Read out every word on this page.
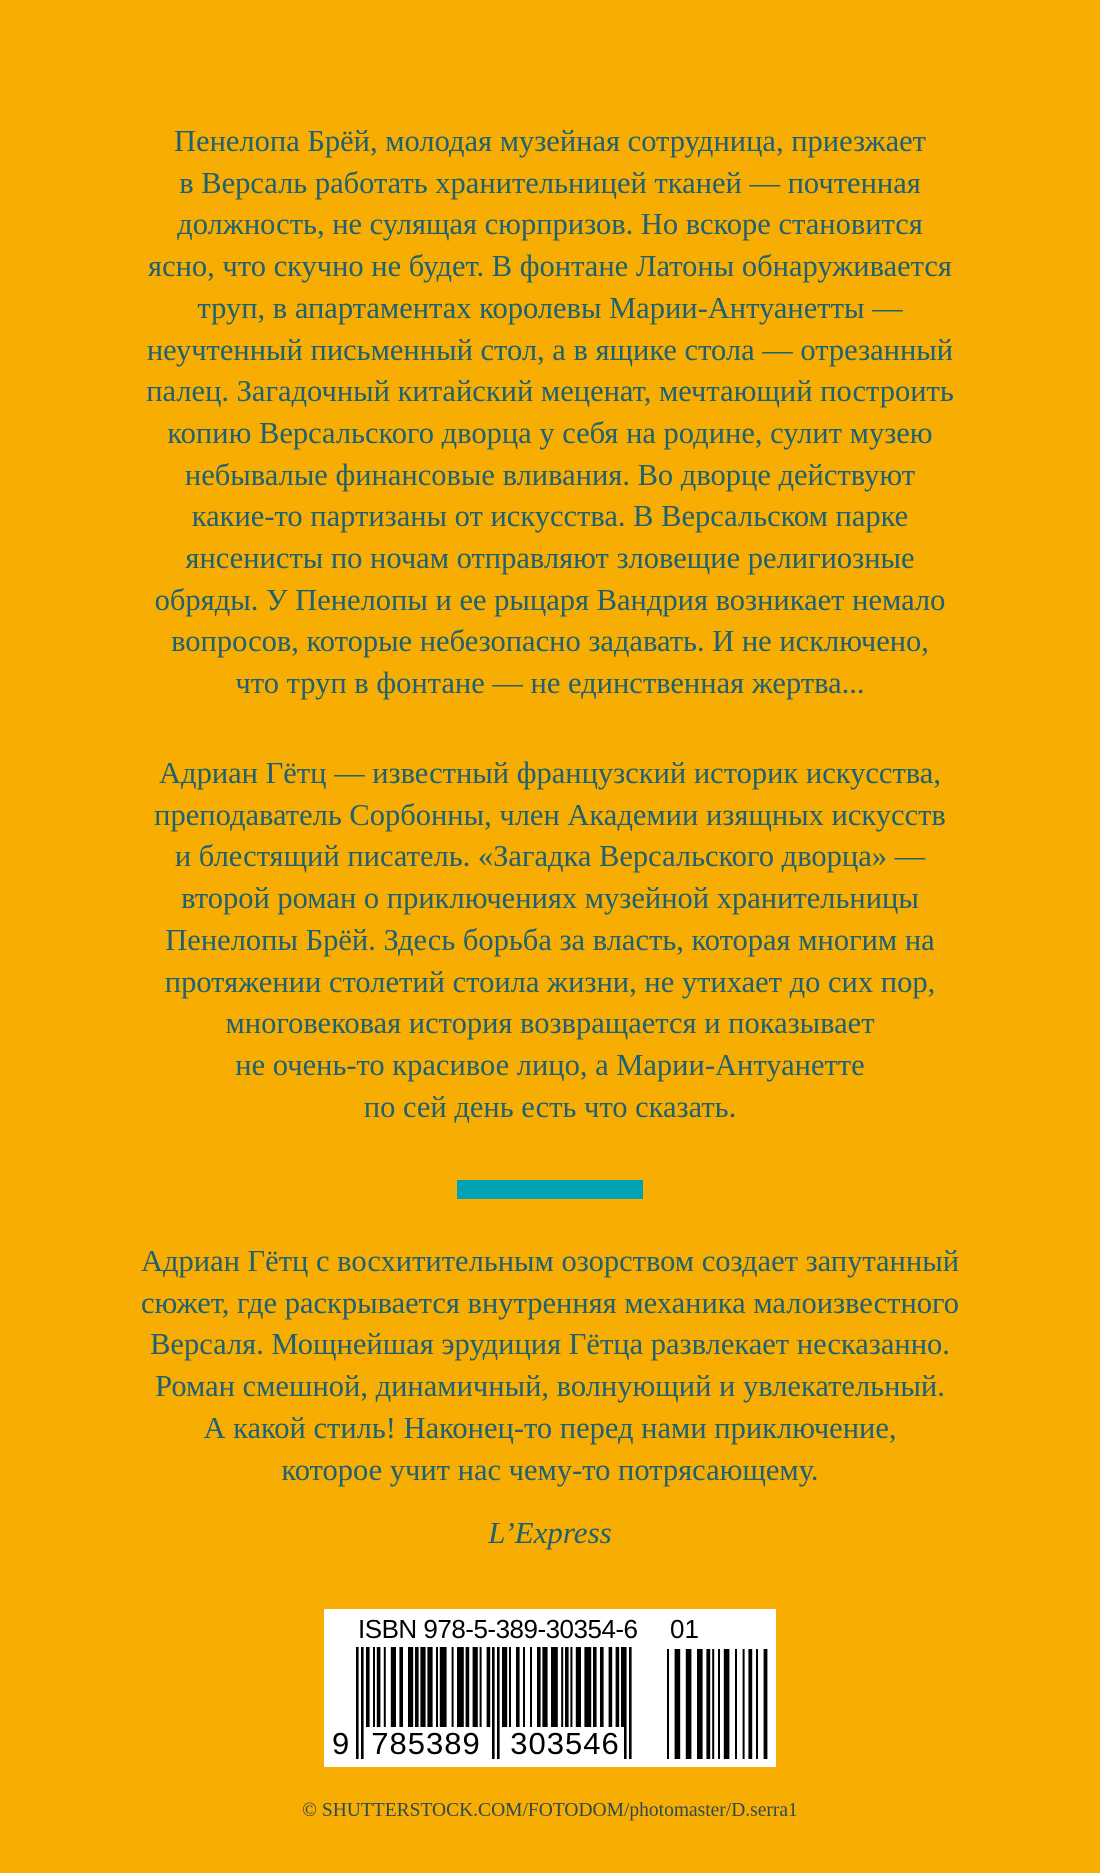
Пенелопа Брёй, молодая музейная сотрудница, приезжает
в Версаль работать хранительницей тканей — почтенная
должность, не сулящая сюрпризов. Но вскоре становится
ясно, что скучно не будет. В фонтане Латоны обнаруживается
труп, в апартаментах королевы Марии-Антуанетты —
неучтенный письменный стол, а в ящике стола — отрезанный
палец. Загадочный китайский меценат, мечтающий построить
копию Версальского дворца у себя на родине, сулит музею
небывалые финансовые вливания. Во дворце действуют
какие-то партизаны от искусства. В Версальском парке
янсенисты по ночам отправляют зловещие религиозные
обряды. У Пенелопы и ее рыцаря Вандрия возникает немало
вопросов, которые небезопасно задавать. И не исключено,
что труп в фонтане — не единственная жертва...

Адриан Гётц — известный французский историк искусства,
преподаватель Сорбонны, член Академии изящных искусств
и блестящий писатель. «Загадка Версальского дворца» —
второй роман о приключениях музейной хранительницы
Пенелопы Брёй. Здесь борьба за власть, которая многим на
протяжении столетий стоила жизни, не утихает до сих пор,
многовековая история возвращается и показывает
не очень-то красивое лицо, а Марии-Антуанетте
по сей день есть что сказать.

Адриан Гётц с восхитительным озорством создает запутанный
сюжет, где раскрывается внутренняя механика малоизвестного
Версаля. Мощнейшая эрудиция Гётца развлекает несказанно.
Роман смешной, динамичный, волнующий и увлекательный.
А какой стиль! Наконец-то перед нами приключение,
которое учит нас чему-то потрясающему.

L’Express

ISBN 978-5-389-30354-6 01
9 785389 303546
© SHUTTERSTOCK.COM/FOTODOM/photomaster/D.serra1
